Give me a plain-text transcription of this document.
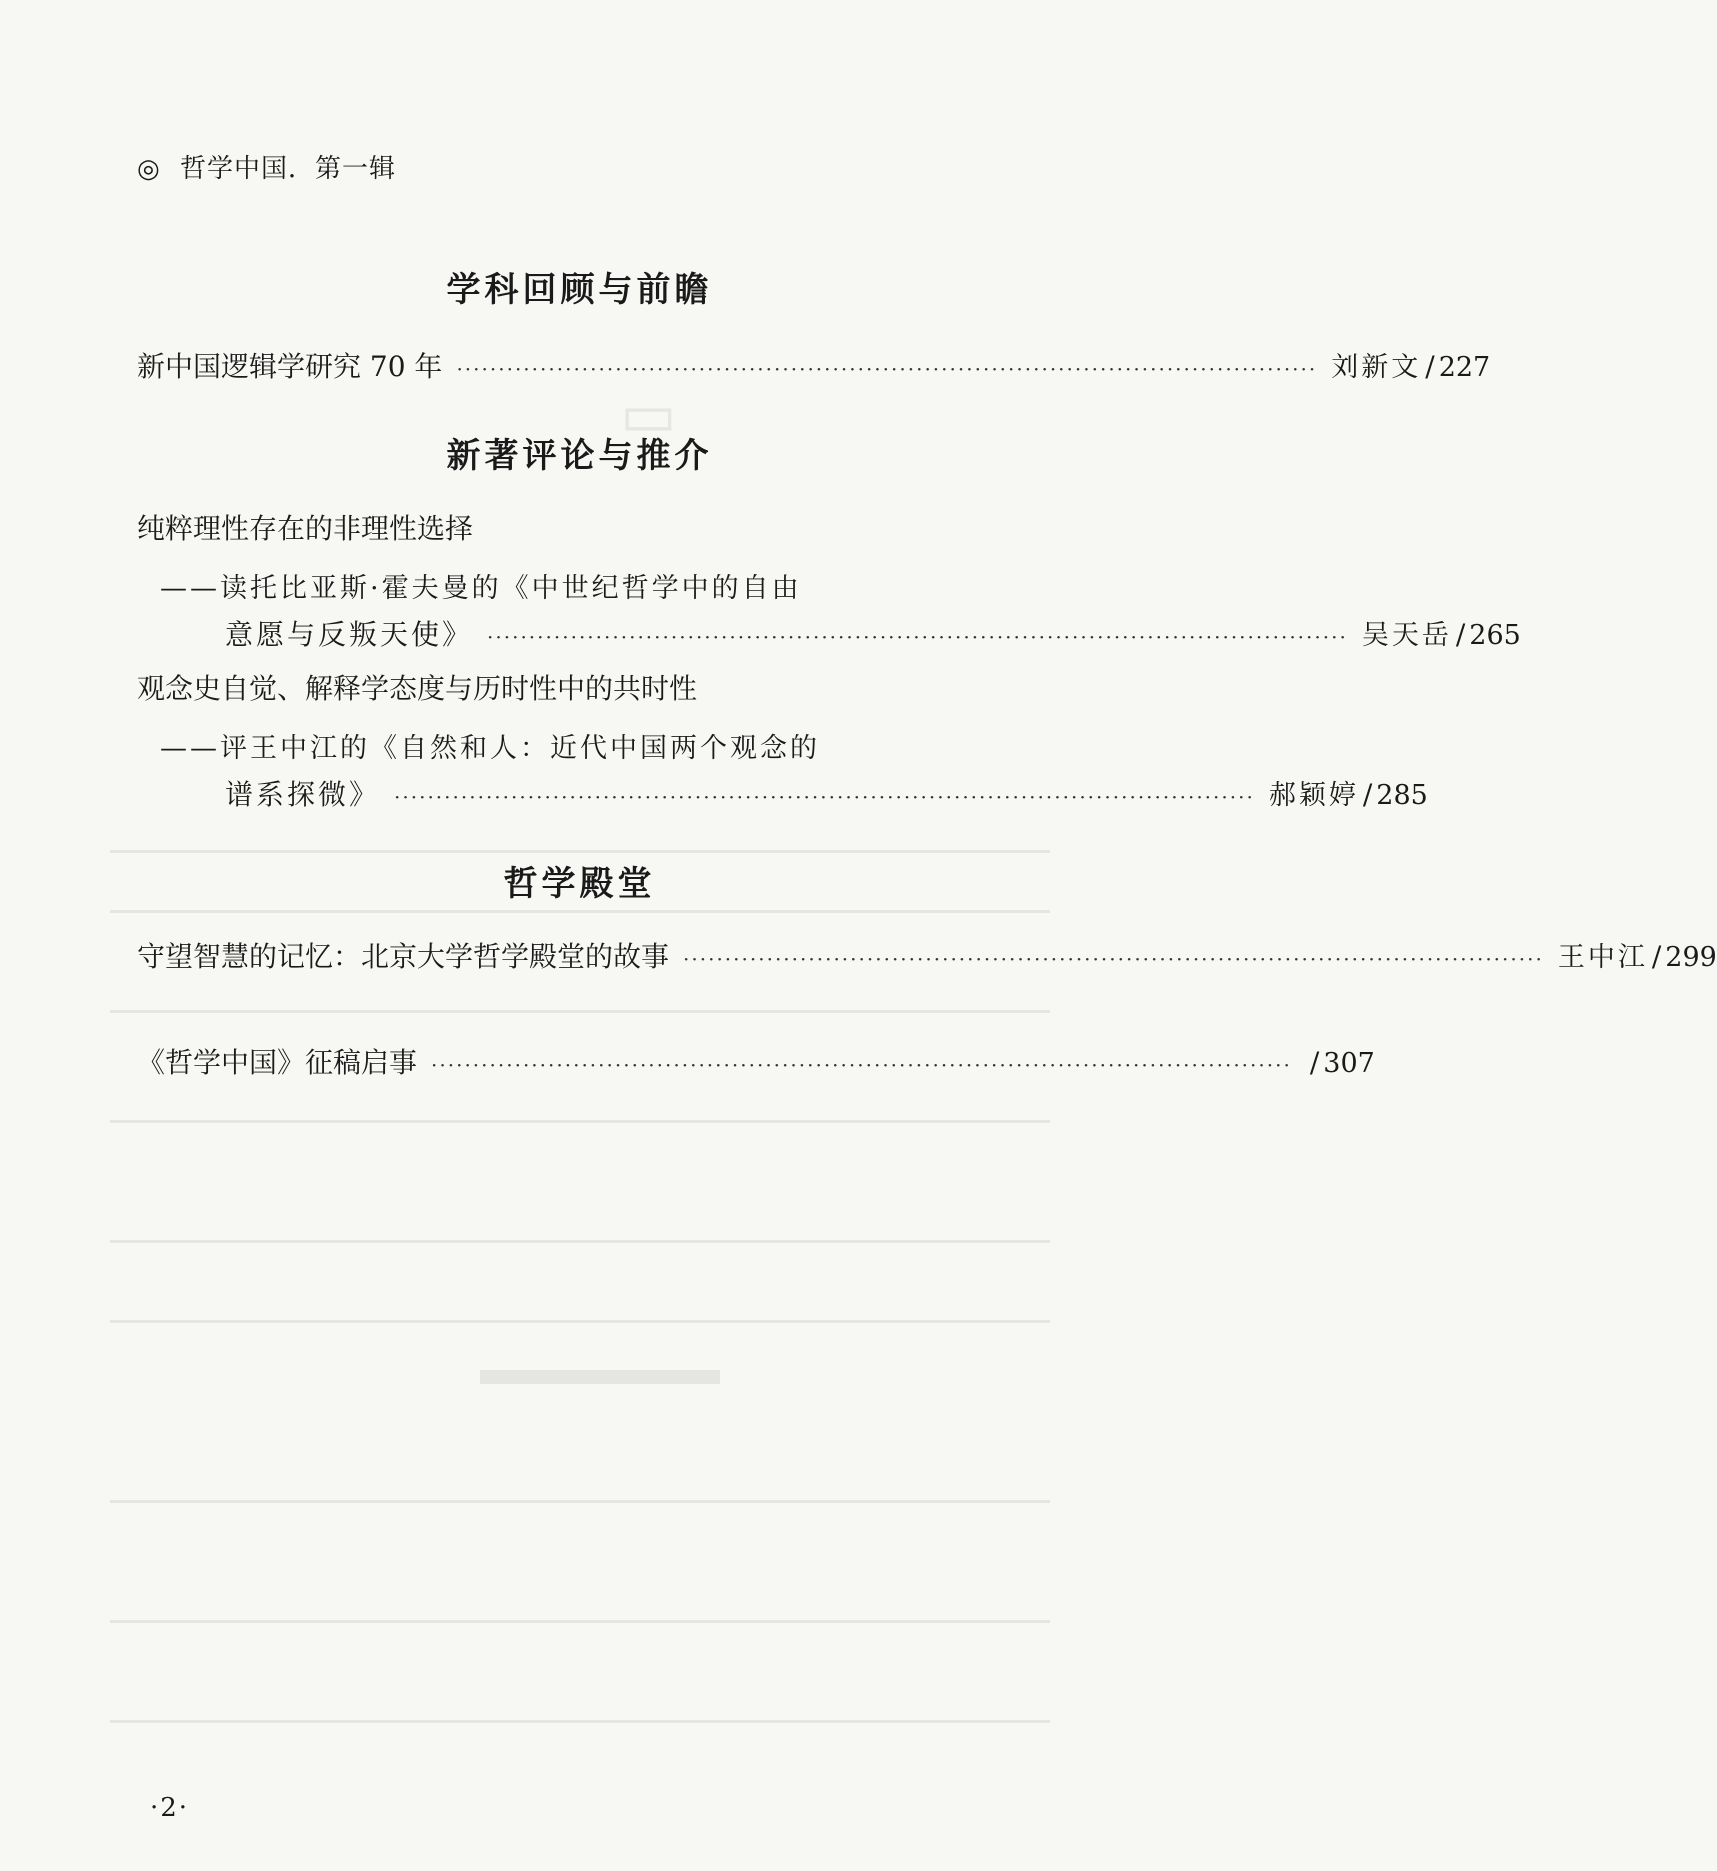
▭
◎ 哲学中国．第一辑
学科回顾与前瞻
新中国逻辑学研究 70 年 ······································································································· 刘新文 / 227
新著评论与推介
纯粹理性存在的非理性选择
——读托比亚斯·霍夫曼的《中世纪哲学中的自由
意愿与反叛天使》 ······································································································· 吴天岳 / 265
观念史自觉、解释学态度与历时性中的共时性
——评王中江的《自然和人：近代中国两个观念的
谱系探微》 ······································································································· 郝颖婷 / 285
哲学殿堂
守望智慧的记忆：北京大学哲学殿堂的故事 ······································································································· 王中江 / 299
《哲学中国》征稿启事 ······································································································· / 307
·2·
